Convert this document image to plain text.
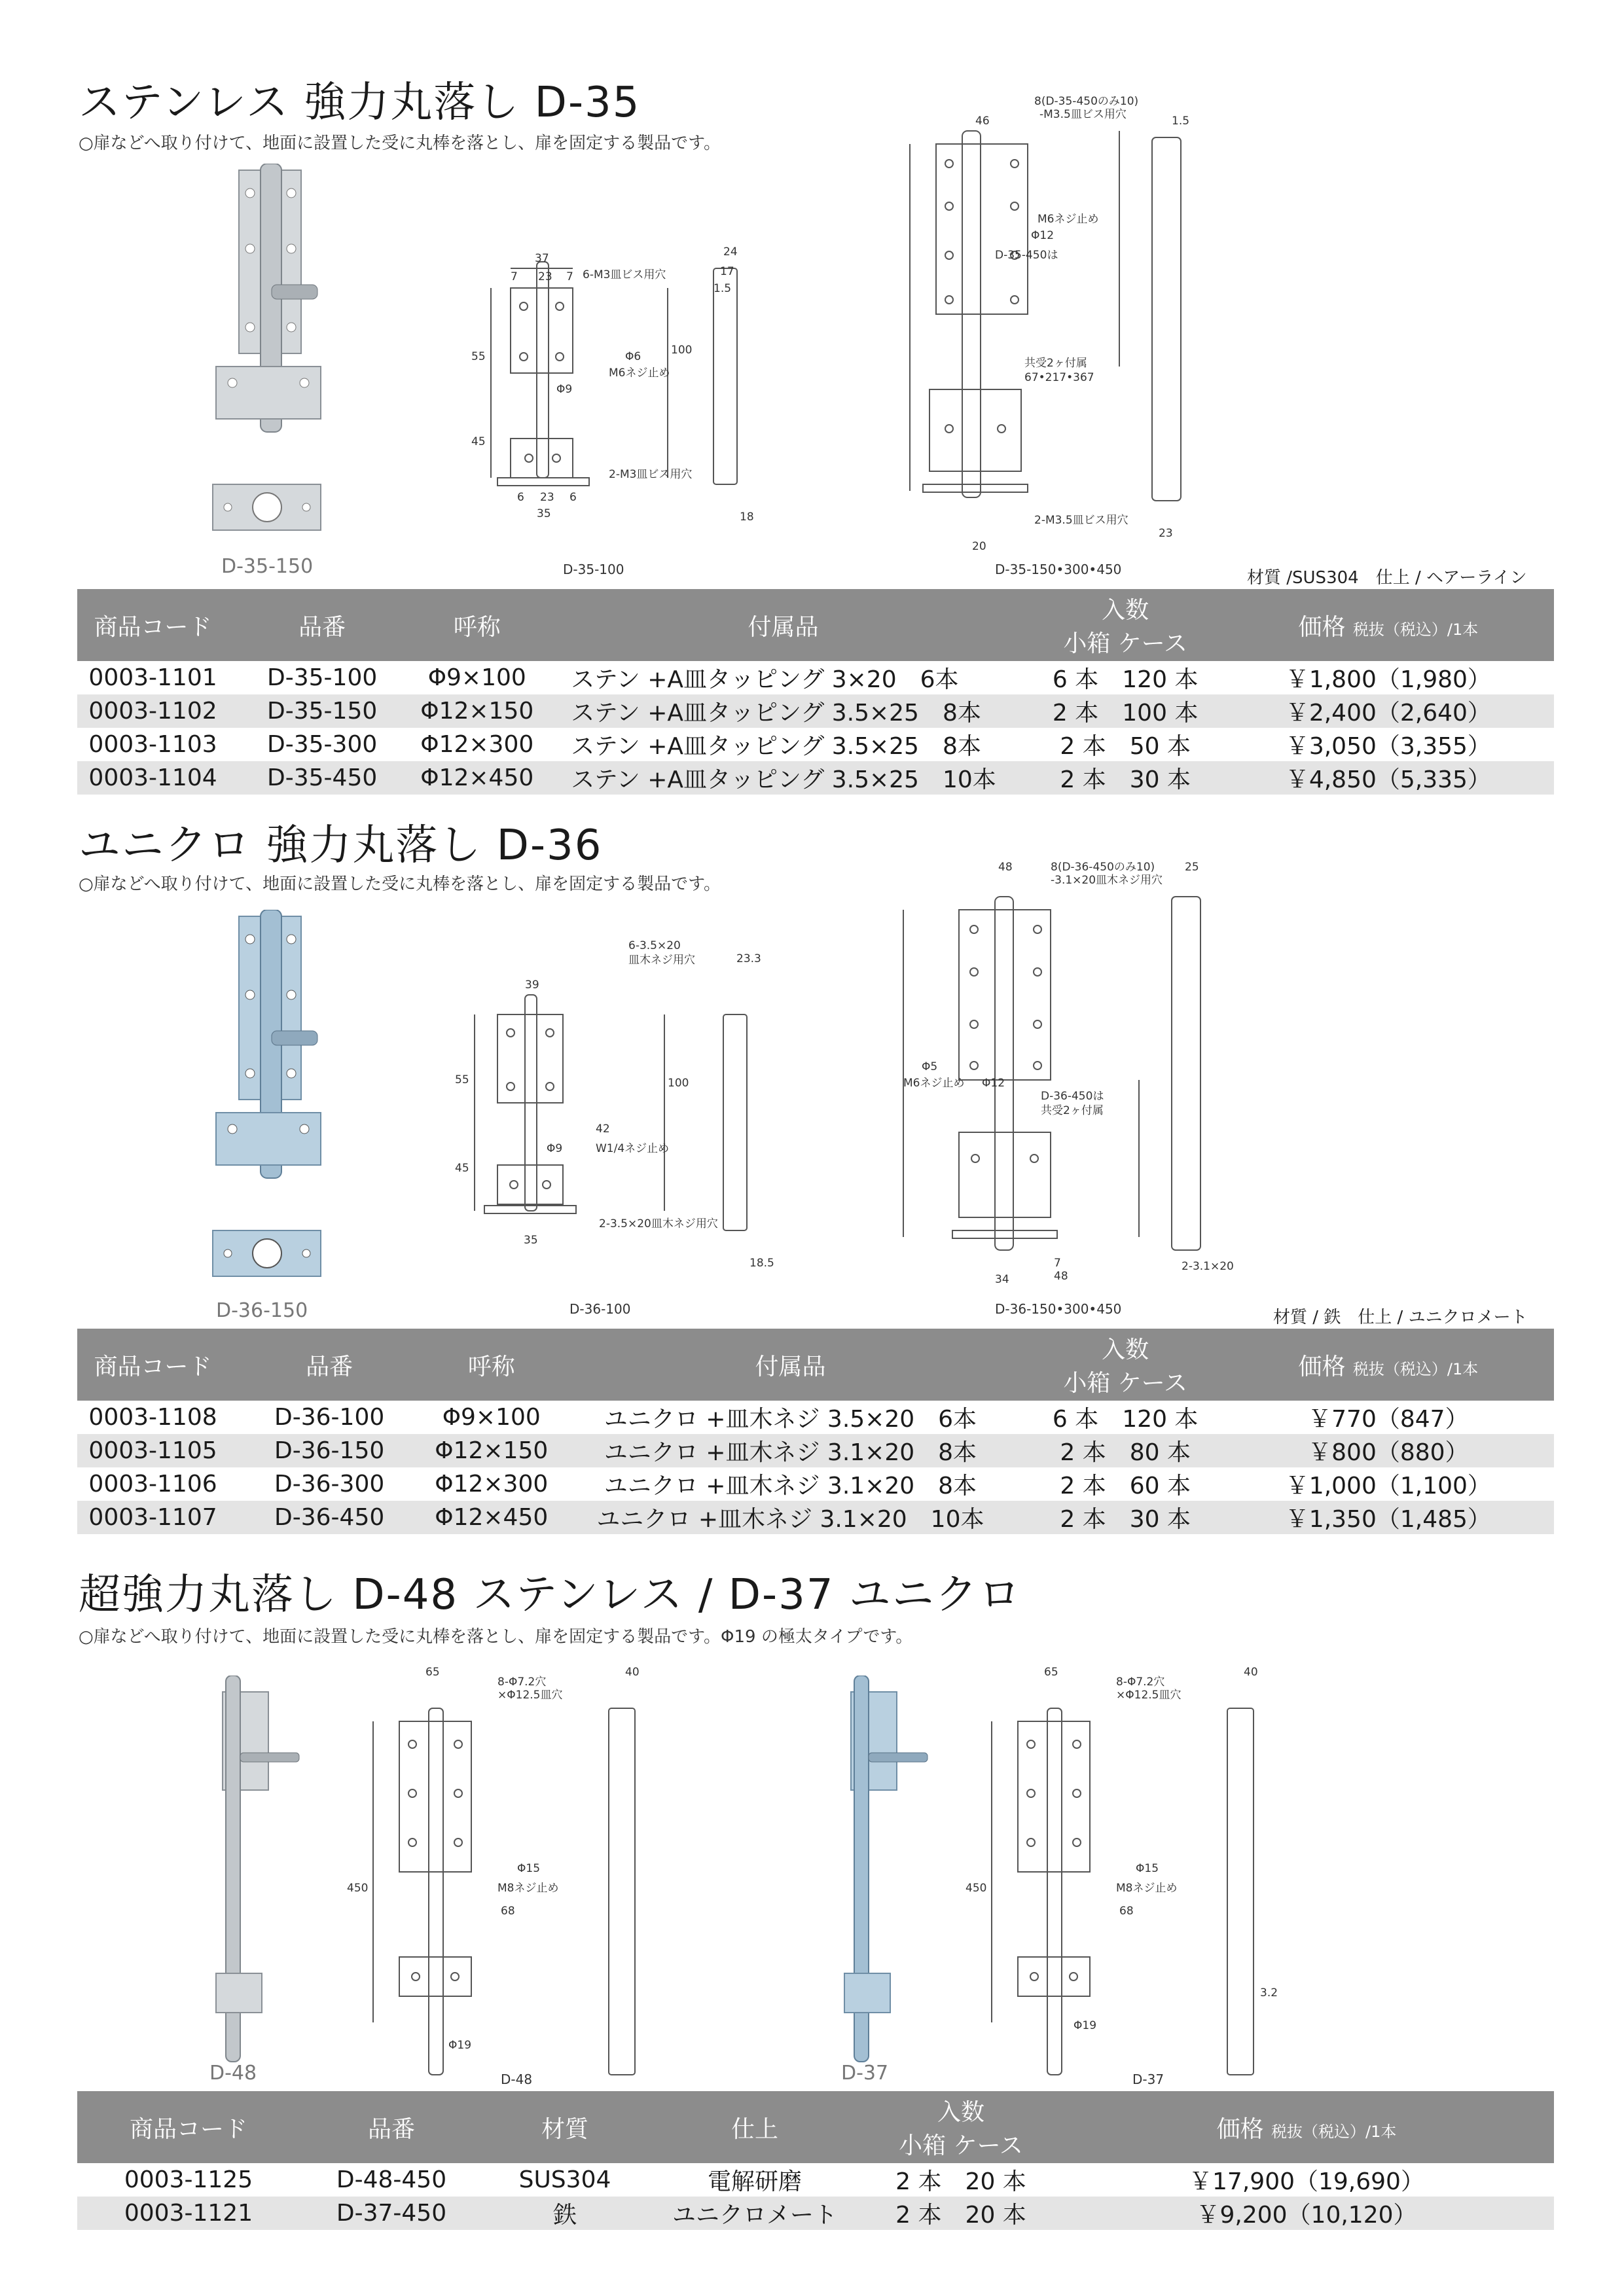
ステンレス 強力丸落し D-35
○扉などへ取り付けて、地面に設置した受に丸棒を落とし、扉を固定する製品です。
D-35-150
37
7 23 7 6-M3皿ビス用穴
55	Φ6
M6ネジ止め
Φ9
100
45
2-M3皿ビス用穴
6 23 6
35
24
17
1.5
18
D-35-100
8(D-35-450のみ10)
-M3.5皿ビス用穴
46
M6ネジ止め
Φ12
D-35-450は
共受2ヶ付属
67•217•367
2-M3.5皿ビス用穴
20
1.5
23
D-35-150•300•450	材質 /SUS304　仕上 / ヘアーライン
商品コード	品番	呼称	付属品	入数
小箱 ケース	価格 税抜（税込）/1本
0003-1101	D-35-100	Φ9×100	ステン +A皿タッピング 3×20　6本	6 本　 120 本	￥1,800（1,980）
0003-1102	D-35-150	Φ12×150	ステン +A皿タッピング 3.5×25　8本	2 本　 100 本	￥2,400（2,640）
0003-1103	D-35-300	Φ12×300	ステン +A皿タッピング 3.5×25　8本	2 本　 50 本	￥3,050（3,355）
0003-1104	D-35-450	Φ12×450	ステン +A皿タッピング 3.5×25　10本	2 本　 30 本	￥4,850（5,335）
ユニクロ 強力丸落し D-36
○扉などへ取り付けて、地面に設置した受に丸棒を落とし、扉を固定する製品です。
D-36-150
6-3.5×20
皿木ネジ用穴
39
55
42
Φ9	W1/4ネジ止め
100
45
35
2-3.5×20皿木ネジ用穴
23.3
18.5
D-36-100
48	8(D-36-450のみ10)
-3.1×20皿木ネジ用穴
25
Φ5
M6ネジ止め Φ12
D-36-450は
共受2ヶ付属
34
7
48
2-3.1×20
D-36-150•300•450	材質 / 鉄　仕上 / ユニクロメート
商品コード	品番	呼称	付属品	入数
小箱 ケース	価格 税抜（税込）/1本
0003-1108	D-36-100	Φ9×100	ユニクロ +皿木ネジ 3.5×20　6本	6 本　 120 本	￥770（847）
0003-1105	D-36-150	Φ12×150	ユニクロ +皿木ネジ 3.1×20　8本	2 本　 80 本	￥800（880）
0003-1106	D-36-300	Φ12×300	ユニクロ +皿木ネジ 3.1×20　8本	2 本　 60 本	￥1,000（1,100）
0003-1107	D-36-450	Φ12×450	ユニクロ +皿木ネジ 3.1×20　10本	2 本　 30 本	￥1,350（1,485）
超強力丸落し D-48 ステンレス / D-37 ユニクロ
○扉などへ取り付けて、地面に設置した受に丸棒を落とし、扉を固定する製品です。Φ19 の極太タイプです。
D-48
65
8-Φ7.2穴
×Φ12.5皿穴
Φ15
M8ネジ止め
68
450
Φ19
40
D-48	D-37
65
8-Φ7.2穴
×Φ12.5皿穴
Φ15
M8ネジ止め
68
450
Φ19
40
3.2
D-37
商品コード	品番	材質	仕上	入数
小箱 ケース	価格 税抜（税込）/1本
0003-1125	D-48-450	SUS304	電解研磨	2 本　 20 本	￥17,900（19,690）
0003-1121	D-37-450	鉄	ユニクロメート	2 本　 20 本	￥9,200（10,120）
